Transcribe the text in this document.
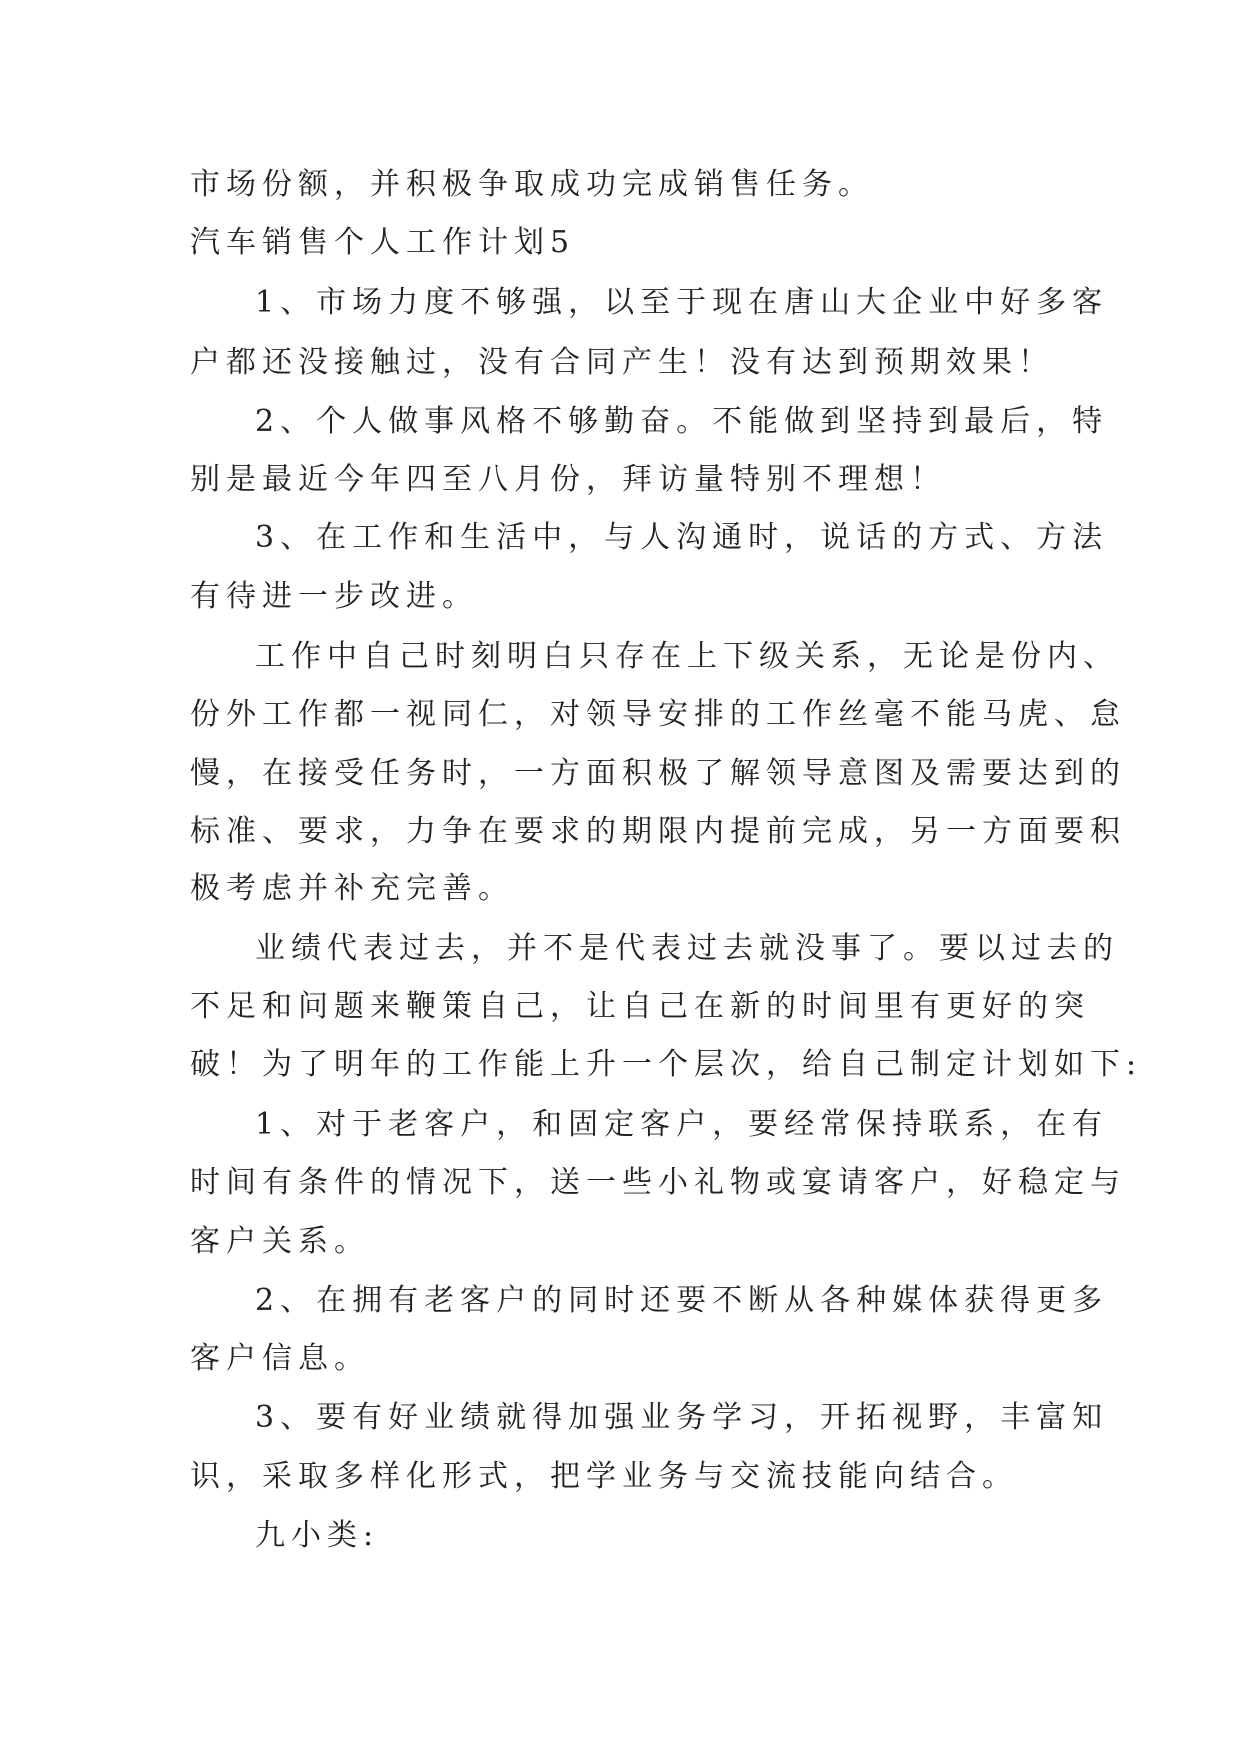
市场份额，并积极争取成功完成销售任务。
汽车销售个人工作计划5
1、市场力度不够强，以至于现在唐山大企业中好多客
户都还没接触过，没有合同产生！没有达到预期效果！
2、个人做事风格不够勤奋。不能做到坚持到最后，特
别是最近今年四至八月份，拜访量特别不理想！
3、在工作和生活中，与人沟通时，说话的方式、方法
有待进一步改进。
工作中自己时刻明白只存在上下级关系，无论是份内、
份外工作都一视同仁，对领导安排的工作丝毫不能马虎、怠
慢，在接受任务时，一方面积极了解领导意图及需要达到的
标准、要求，力争在要求的期限内提前完成，另一方面要积
极考虑并补充完善。
业绩代表过去，并不是代表过去就没事了。要以过去的
不足和问题来鞭策自己，让自己在新的时间里有更好的突
破！为了明年的工作能上升一个层次，给自己制定计划如下:
1、对于老客户，和固定客户，要经常保持联系，在有
时间有条件的情况下，送一些小礼物或宴请客户，好稳定与
客户关系。
2、在拥有老客户的同时还要不断从各种媒体获得更多
客户信息。
3、要有好业绩就得加强业务学习，开拓视野，丰富知
识，采取多样化形式，把学业务与交流技能向结合。
九小类:
